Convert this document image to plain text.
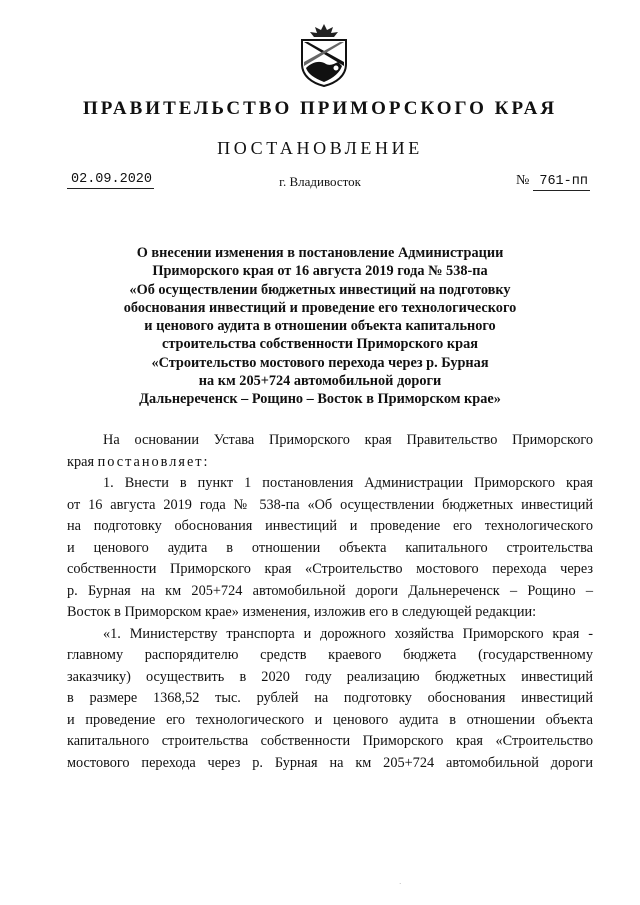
ПРАВИТЕЛЬСТВО ПРИМОРСКОГО КРАЯ
ПОСТАНОВЛЕНИЕ
02.09.2020	г. Владивосток	№ 761-пп
О внесении изменения в постановление Администрации
Приморского края от 16 августа 2019 года № 538-па
«Об осуществлении бюджетных инвестиций на подготовку
обоснования инвестиций и проведение его технологического
и ценового аудита в отношении объекта капитального
строительства собственности Приморского края
«Строительство мостового перехода через р. Бурная
на км 205+724 автомобильной дороги
Дальнереченск – Рощино – Восток в Приморском крае»
На основании Устава Приморского края Правительство Приморского
края постановляет:
1. Внести в пункт 1 постановления Администрации Приморского края
от 16 августа 2019 года № 538-па «Об осуществлении бюджетных инвестиций
на подготовку обоснования инвестиций и проведение его технологического
и ценового аудита в отношении объекта капитального строительства
собственности Приморского края «Строительство мостового перехода через
р. Бурная на км 205+724 автомобильной дороги Дальнереченск – Рощино –
Восток в Приморском крае» изменения, изложив его в следующей редакции:
«1. Министерству транспорта и дорожного хозяйства Приморского края -
главному распорядителю средств краевого бюджета (государственному
заказчику) осуществить в 2020 году реализацию бюджетных инвестиций
в размере 1368,52 тыс. рублей на подготовку обоснования инвестиций
и проведение его технологического и ценового аудита в отношении объекта
капитального строительства собственности Приморского края «Строительство
мостового перехода через р. Бурная на км 205+724 автомобильной дороги
·
